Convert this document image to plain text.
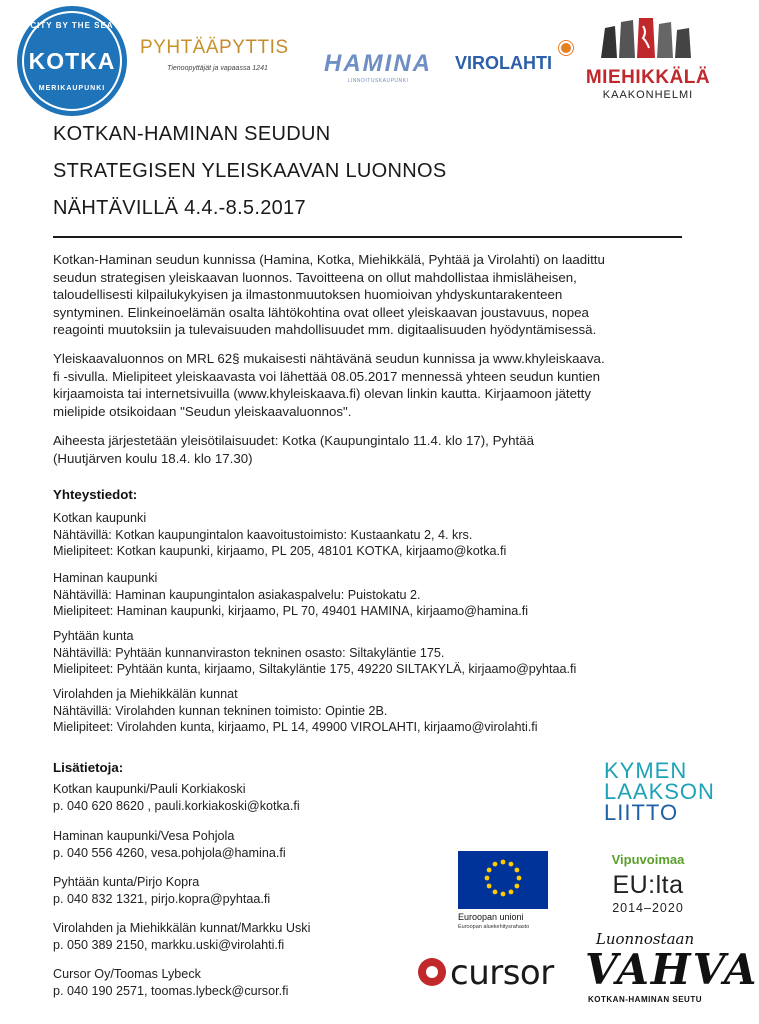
CITY BY THE SEA
KOTKA
MERIKAUPUNKI
PYHTÄÄPYTTIS
Tienoopyttäjät ja vapaassa 1241	HAMINA
LINNOITUSKAUPUNKI
VIROLAHTI
MIEHIKKÄLÄ
KAAKONHELMI
KOTKAN-HAMINAN SEUDUN
STRATEGISEN YLEISKAAVAN LUONNOS
NÄHTÄVILLÄ 4.4.-8.5.2017

Kotkan-Haminan seudun kunnissa (Hamina, Kotka, Miehikkälä, Pyhtää ja Virolahti) on laadittu

seudun strategisen yleiskaavan luonnos. Tavoitteena on ollut mahdollistaa ihmisläheisen,

taloudellisesti kilpailukykyisen ja ilmastonmuutoksen huomioivan yhdyskuntarakenteen

syntyminen. Elinkeinoelämän osalta lähtökohtina ovat olleet yleiskaavan joustavuus, nopea

reagointi muutoksiin ja tulevaisuuden mahdollisuudet mm. digitaalisuuden hyödyntämisessä.

Yleiskaavaluonnos on MRL 62§ mukaisesti nähtävänä seudun kunnissa ja www.khyleiskaava.

fi -sivulla. Mielipiteet yleiskaavasta voi lähettää 08.05.2017 mennessä yhteen seudun kuntien

kirjaamoista tai internetsivuilla (www.khyleiskaava.fi) olevan linkin kautta. Kirjaamoon jätetty

mielipide otsikoidaan "Seudun yleiskaavaluonnos".

Aiheesta järjestetään yleisötilaisuudet: Kotka (Kaupungintalo 11.4. klo 17), Pyhtää

(Huutjärven koulu 18.4. klo 17.30)

Yhteystiedot:
Kotkan kaupunki
Nähtävillä: Kotkan kaupungintalon kaavoitustoimisto: Kustaankatu 2, 4. krs.
Mielipiteet: Kotkan kaupunki, kirjaamo, PL 205, 48101 KOTKA, kirjaamo@kotka.fi
Haminan kaupunki
Nähtävillä: Haminan kaupungintalon asiakaspalvelu: Puistokatu 2.
Mielipiteet: Haminan kaupunki, kirjaamo, PL 70, 49401 HAMINA, kirjaamo@hamina.fi
Pyhtään kunta
Nähtävillä: Pyhtään kunnanviraston tekninen osasto: Siltakyläntie 175.
Mielipiteet: Pyhtään kunta, kirjaamo, Siltakyläntie 175, 49220 SILTAKYLÄ, kirjaamo@pyhtaa.fi
Virolahden ja Miehikkälän kunnat
Nähtävillä: Virolahden kunnan tekninen toimisto: Opintie 2B.
Mielipiteet: Virolahden kunta, kirjaamo, PL 14, 49900 VIROLAHTI, kirjaamo@virolahti.fi
Lisätietoja:
Kotkan kaupunki/Pauli Korkiakoski
p. 040 620 8620 , pauli.korkiakoski@kotka.fi
Haminan kaupunki/Vesa Pohjola
p. 040 556 4260, vesa.pohjola@hamina.fi
Pyhtään kunta/Pirjo Kopra
p. 040 832 1321, pirjo.kopra@pyhtaa.fi
Virolahden ja Miehikkälän kunnat/Markku Uski
p. 050 389 2150, markku.uski@virolahti.fi
Cursor Oy/Toomas Lybeck
p. 040 190 2571, toomas.lybeck@cursor.fi
KYMEN
LAAKSON
LIITTO
Euroopan unioni
Euroopan aluekehitysrahasto
Vipuvoimaa
EU:lta
2014–2020
cursor
Luonnostaan
VAHVA
KOTKAN-HAMINAN SEUTU
